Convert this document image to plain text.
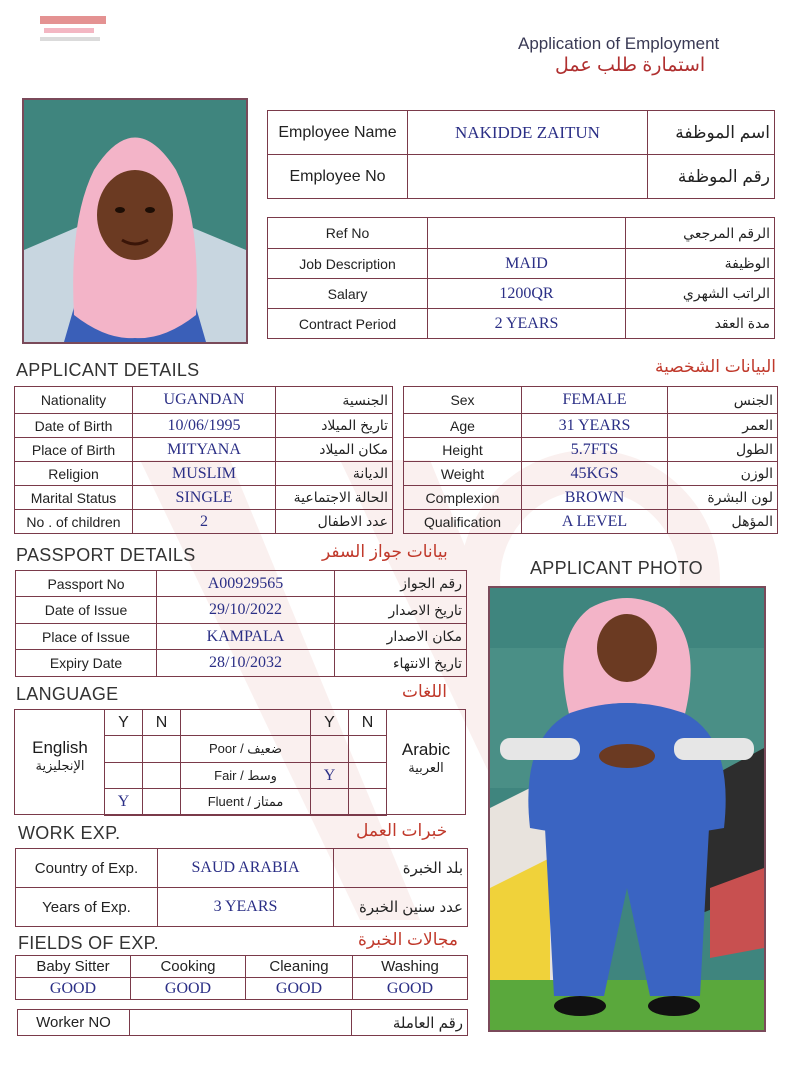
Application of Employment
استمارة طلب عمل
Employee Name	NAKIDDE ZAITUN	اسم الموظفة
Employee No		رقم الموظفة
Ref No		الرقم المرجعي
Job Description	MAID	الوظيفة
Salary	1200QR	الراتب الشهري
Contract Period	2 YEARS	مدة العقد
APPLICANT DETAILS	البيانات الشخصية
Nationality	UGANDAN	الجنسية
Date of Birth	10/06/1995	تاريخ الميلاد
Place of Birth	MITYANA	مكان الميلاد
Religion	MUSLIM	الديانة
Marital Status	SINGLE	الحالة الاجتماعية
No . of children	2	عدد الاطفال
Sex	FEMALE	الجنس
Age	31 YEARS	العمر
Height	5.7FTS	الطول
Weight	45KGS	الوزن
Complexion	BROWN	لون البشرة
Qualification	A LEVEL	المؤهل
PASSPORT DETAILS	بيانات جواز السفر
Passport No	A00929565	رقم الجواز
Date of Issue	29/10/2022	تاريخ الاصدار
Place of Issue	KAMPALA	مكان الاصدار
Expiry Date	28/10/2032	تاريخ الانتهاء
APPLICANT PHOTO
LANGUAGE	اللغات
English
الإنجليزية
Arabic
العربية
Y	N		Y	N
		Poor / ضعيف		
		Fair / وسط	Y	
Y		Fluent / ممتاز		
WORK EXP.	خبرات العمل
Country of Exp.	SAUD ARABIA	بلد الخبرة
Years of Exp.	3 YEARS	عدد سنين الخبرة
FIELDS OF EXP.	مجالات الخبرة
Baby Sitter	Cooking	Cleaning	Washing
GOOD	GOOD	GOOD	GOOD
Worker NO		رقم العاملة
